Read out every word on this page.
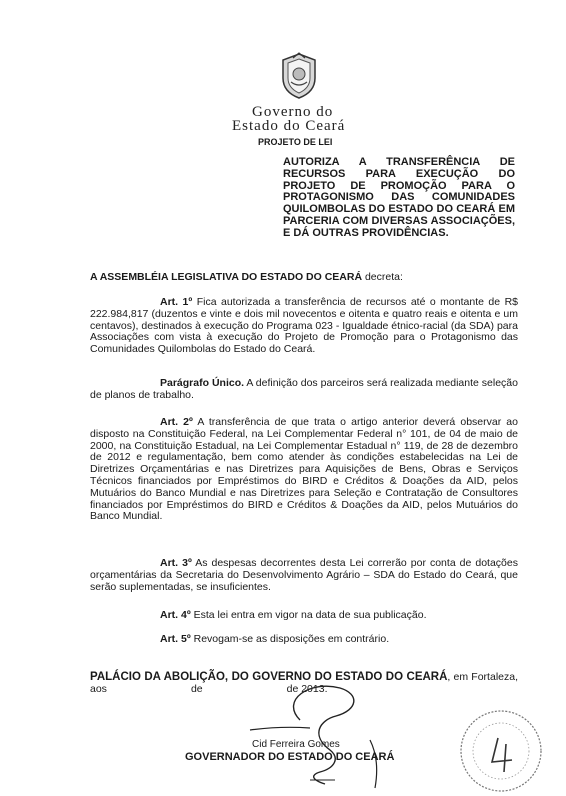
Governo do
Estado do Ceará
PROJETO DE LEI
AUTORIZA A TRANSFERÊNCIA DE RECURSOS PARA EXECUÇÃO DO PROJETO DE PROMOÇÃO PARA O PROTAGONISMO DAS COMUNIDADES QUILOMBOLAS DO ESTADO DO CEARÁ EM PARCERIA COM DIVERSAS ASSOCIAÇÕES, E DÁ OUTRAS PROVIDÊNCIAS.
A ASSEMBLÉIA LEGISLATIVA DO ESTADO DO CEARÁ decreta:
Art. 1º Fica autorizada a transferência de recursos até o montante de R$ 222.984,817 (duzentos e vinte e dois mil novecentos e oitenta e quatro reais e oitenta e um centavos), destinados à execução do Programa 023 - Igualdade étnico-racial (da SDA) para Associações com vista à execução do Projeto de Promoção para o Protagonismo das Comunidades Quilombolas do Estado do Ceará.
Parágrafo Único. A definição dos parceiros será realizada mediante seleção de planos de trabalho.
Art. 2º A transferência de que trata o artigo anterior deverá observar ao disposto na Constituição Federal, na Lei Complementar Federal n° 101, de 04 de maio de 2000, na Constituição Estadual, na Lei Complementar Estadual n° 119, de 28 de dezembro de 2012 e regulamentação, bem como atender às condições estabelecidas na Lei de Diretrizes Orçamentárias e nas Diretrizes para Aquisições de Bens, Obras e Serviços Técnicos financiados por Empréstimos do BIRD e Créditos & Doações da AID, pelos Mutuários do Banco Mundial e nas Diretrizes para Seleção e Contratação de Consultores financiados por Empréstimos do BIRD e Créditos & Doações da AID, pelos Mutuários do Banco Mundial.
Art. 3º As despesas decorrentes desta Lei correrão por conta de dotações orçamentárias da Secretaria do Desenvolvimento Agrário – SDA do Estado do Ceará, que serão suplementadas, se insuficientes.
Art. 4º Esta lei entra em vigor na data de sua publicação.
Art. 5º Revogam-se as disposições em contrário.
PALÁCIO DA ABOLIÇÃO, DO GOVERNO DO ESTADO DO CEARÁ, em Fortaleza, aos	de	de 2013.
Cid Ferreira Gomes
GOVERNADOR DO ESTADO DO CEARÁ
